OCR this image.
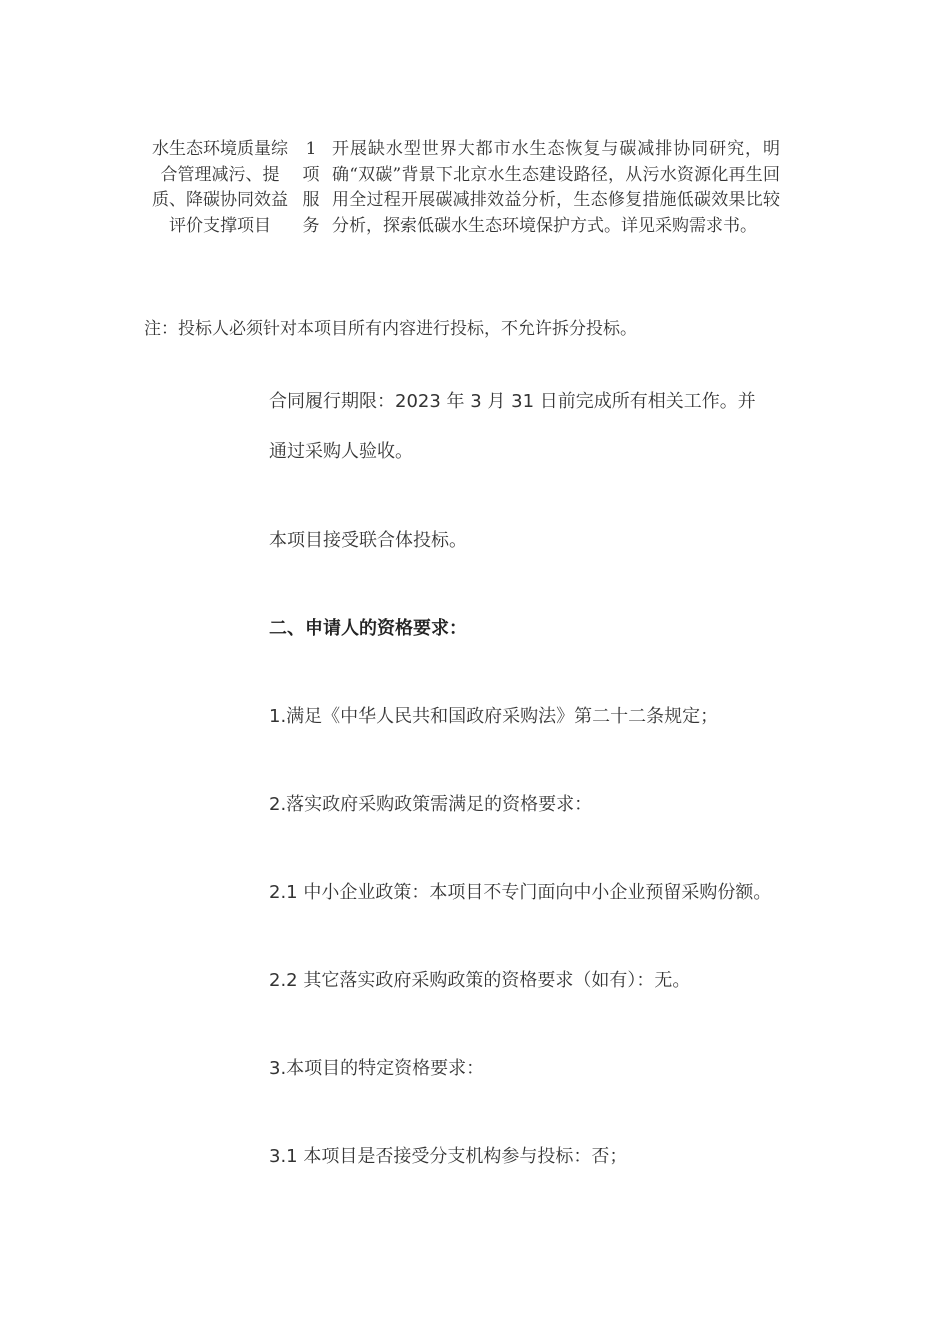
水生态环境质量综合管理减污、提质、降碳协同效益评价支撑项目
1项服务
开展缺水型世界大都市水生态恢复与碳减排协同研究，明确“双碳”背景下北京水生态建设路径，从污水资源化再生回用全过程开展碳减排效益分析，生态修复措施低碳效果比较分析，探索低碳水生态环境保护方式。详见采购需求书。
注：投标人必须针对本项目所有内容进行投标，不允许拆分投标。
合同履行期限：2023 年 3 月 31 日前完成所有相关工作。并
通过采购人验收。
本项目接受联合体投标。
二、申请人的资格要求：
1.满足《中华人民共和国政府采购法》第二十二条规定；
2.落实政府采购政策需满足的资格要求：
2.1 中小企业政策：本项目不专门面向中小企业预留采购份额。
2.2 其它落实政府采购政策的资格要求（如有）：无。
3.本项目的特定资格要求：
3.1 本项目是否接受分支机构参与投标：否；
